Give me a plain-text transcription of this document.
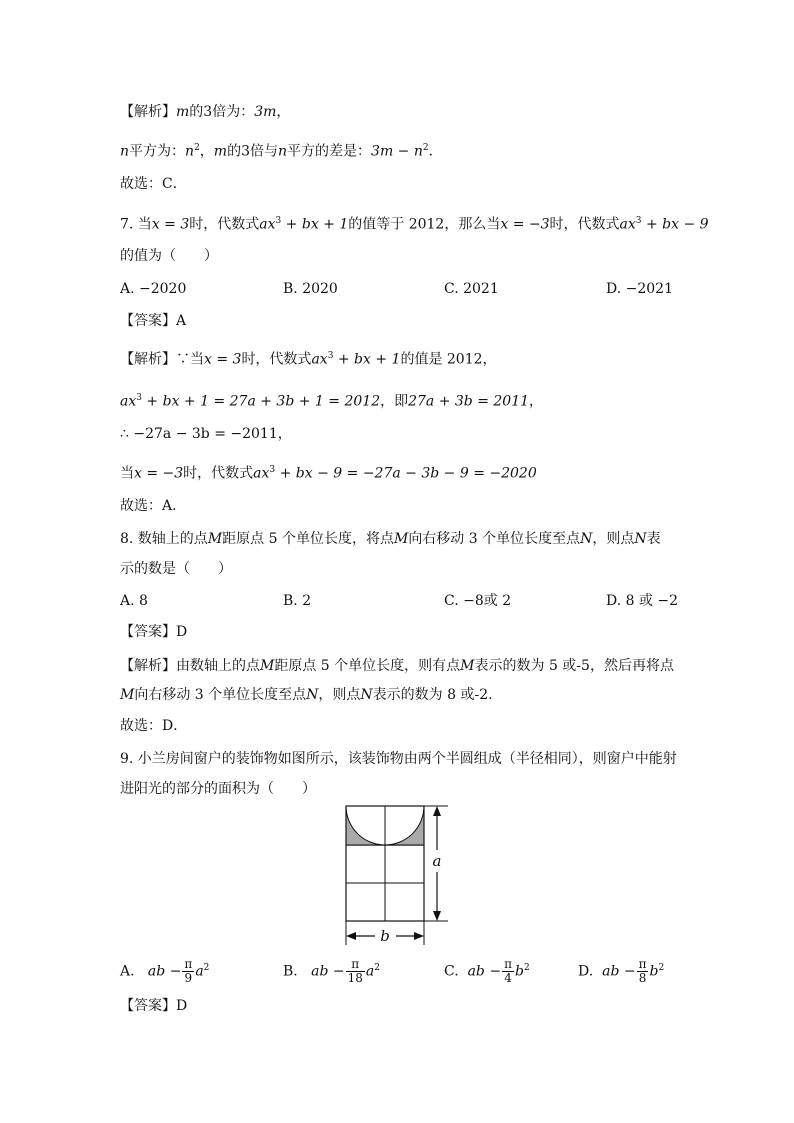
【解析】m的3倍为：3m，
n平方为：$n^2$，m的3倍与n平方的差是：$3m - n^2$.
故选：C．
7. 当x = 3时，代数式$ax^3$ + bx + 1的值等于 2012，那么当x = −3时，代数式$ax^3$ + bx − 9
的值为（　　）
A. −2020	B. 2020	C. 2021	D. −2021
【答案】A
【解析】∵当x = 3时，代数式$ax^3$ + bx + 1的值是 2012，
$ax^3$ + bx + 1 = 27a + 3b + 1 = 2012，即27a + 3b = 2011，
∴ −27a − 3b = −2011，
当x = −3时，代数式$ax^3$ + bx − 9 = −27a − 3b − 9 = −2020
故选：A．
8. 数轴上的点M距原点 5 个单位长度，将点M向右移动 3 个单位长度至点N，则点N表
示的数是（　　）
A. 8	B. 2	C. −8或 2	D. 8 或 −2
【答案】D
【解析】由数轴上的点M距原点 5 个单位长度，则有点M表示的数为 5 或-5，然后再将点
M向右移动 3 个单位长度至点N，则点N表示的数为 8 或-2.
故选：D．
9. 小兰房间窗户的装饰物如图所示，该装饰物由两个半圆组成（半径相同），则窗户中能射
进阳光的部分的面积为（　　）
a
b
A. ab − $\frac{\pi}{9} a^2$	B. ab − $\frac{\pi}{18} a^2$	C. ab − $\frac{\pi}{4} b^2$	D. ab − $\frac{\pi}{8} b^2$
【答案】D
